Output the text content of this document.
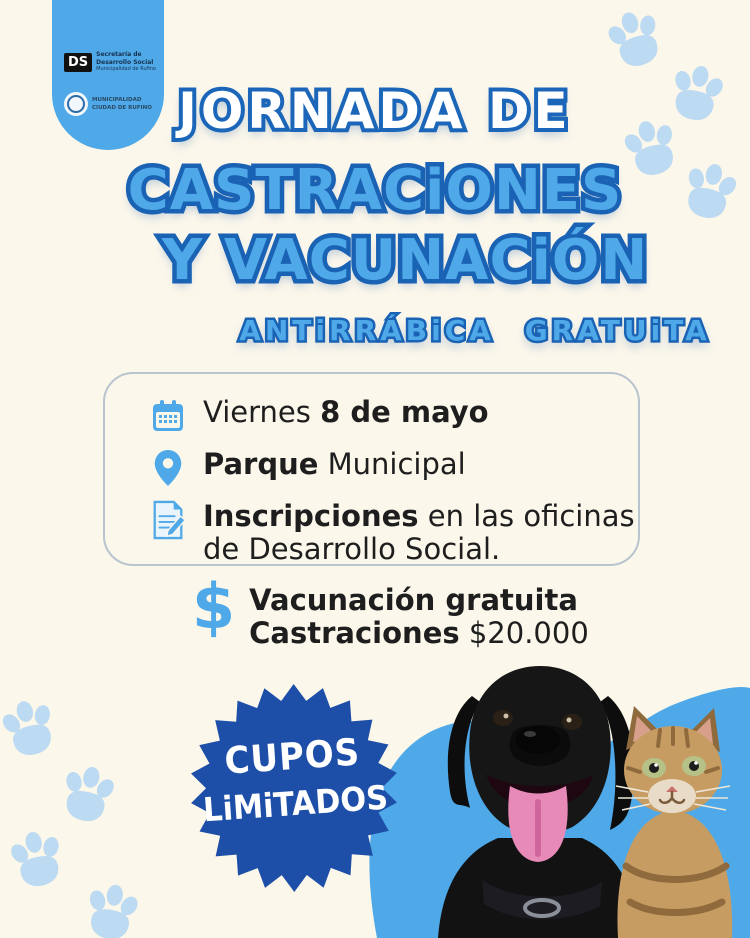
DS
Secretaría de
Desarrollo Social
Municipalidad de Rufino
MUNICIPALIDAD
CIUDAD DE RUFINO JORNADA DE JORNADA DE
CASTRACiONES CASTRACiONES
Y VACUNACiÓN Y VACUNACiÓN
ANTiRRÁBiCA GRATUiTA ANTiRRÁBiCA GRATUiTA
Viernes 8 de mayo
Parque Municipal
Inscripciones en las oficinas de Desarrollo Social.
$ Vacunación gratuita
Castraciones $20.000
CUPOS
LiMiTADOS
